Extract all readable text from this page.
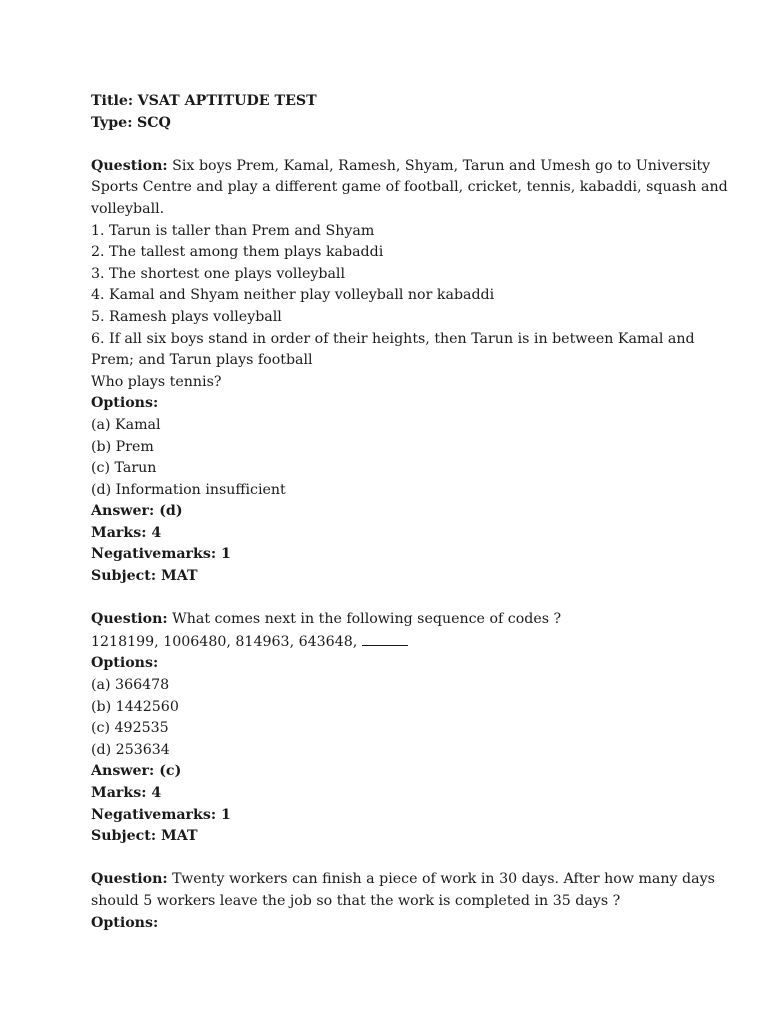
Title: VSAT APTITUDE TEST
Type: SCQ
Question: Six boys Prem, Kamal, Ramesh, Shyam, Tarun and Umesh go to University
Sports Centre and play a different game of football, cricket, tennis, kabaddi, squash and
volleyball.
1. Tarun is taller than Prem and Shyam
2. The tallest among them plays kabaddi
3. The shortest one plays volleyball
4. Kamal and Shyam neither play volleyball nor kabaddi
5. Ramesh plays volleyball
6. If all six boys stand in order of their heights, then Tarun is in between Kamal and
Prem; and Tarun plays football
Who plays tennis?
Options:
(a) Kamal
(b) Prem
(c) Tarun
(d) Information insufficient
Answer: (d)
Marks: 4
Negativemarks: 1
Subject: MAT
Question: What comes next in the following sequence of codes ?
1218199, 1006480, 814963, 643648,
Options:
(a) 366478
(b) 1442560
(c) 492535
(d) 253634
Answer: (c)
Marks: 4
Negativemarks: 1
Subject: MAT
Question: Twenty workers can finish a piece of work in 30 days. After how many days
should 5 workers leave the job so that the work is completed in 35 days ?
Options:
